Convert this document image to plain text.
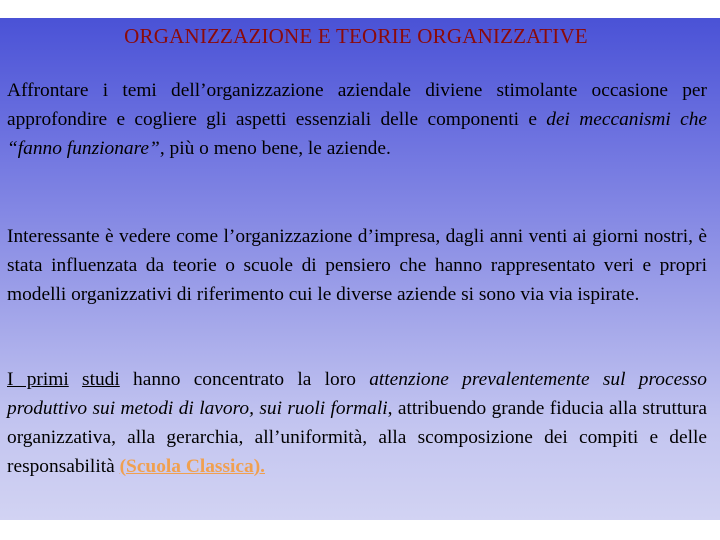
ORGANIZZAZIONE E TEORIE ORGANIZZATIVE
Affrontare i temi dell’organizzazione aziendale diviene stimolante occasione per approfondire e cogliere gli aspetti essenziali delle componenti e dei meccanismi che “fanno funzionare”, più o meno bene, le aziende.
Interessante è vedere come l’organizzazione d’impresa, dagli anni venti ai giorni nostri, è stata influenzata da teorie o scuole di pensiero che hanno rappresentato veri e propri modelli organizzativi di riferimento cui le diverse aziende si sono via via ispirate.
I primi studi hanno concentrato la loro attenzione prevalentemente sul processo produttivo sui metodi di lavoro, sui ruoli formali, attribuendo grande fiducia alla struttura organizzativa, alla gerarchia, all’uniformità, alla scomposizione dei compiti e delle responsabilità (Scuola Classica).
